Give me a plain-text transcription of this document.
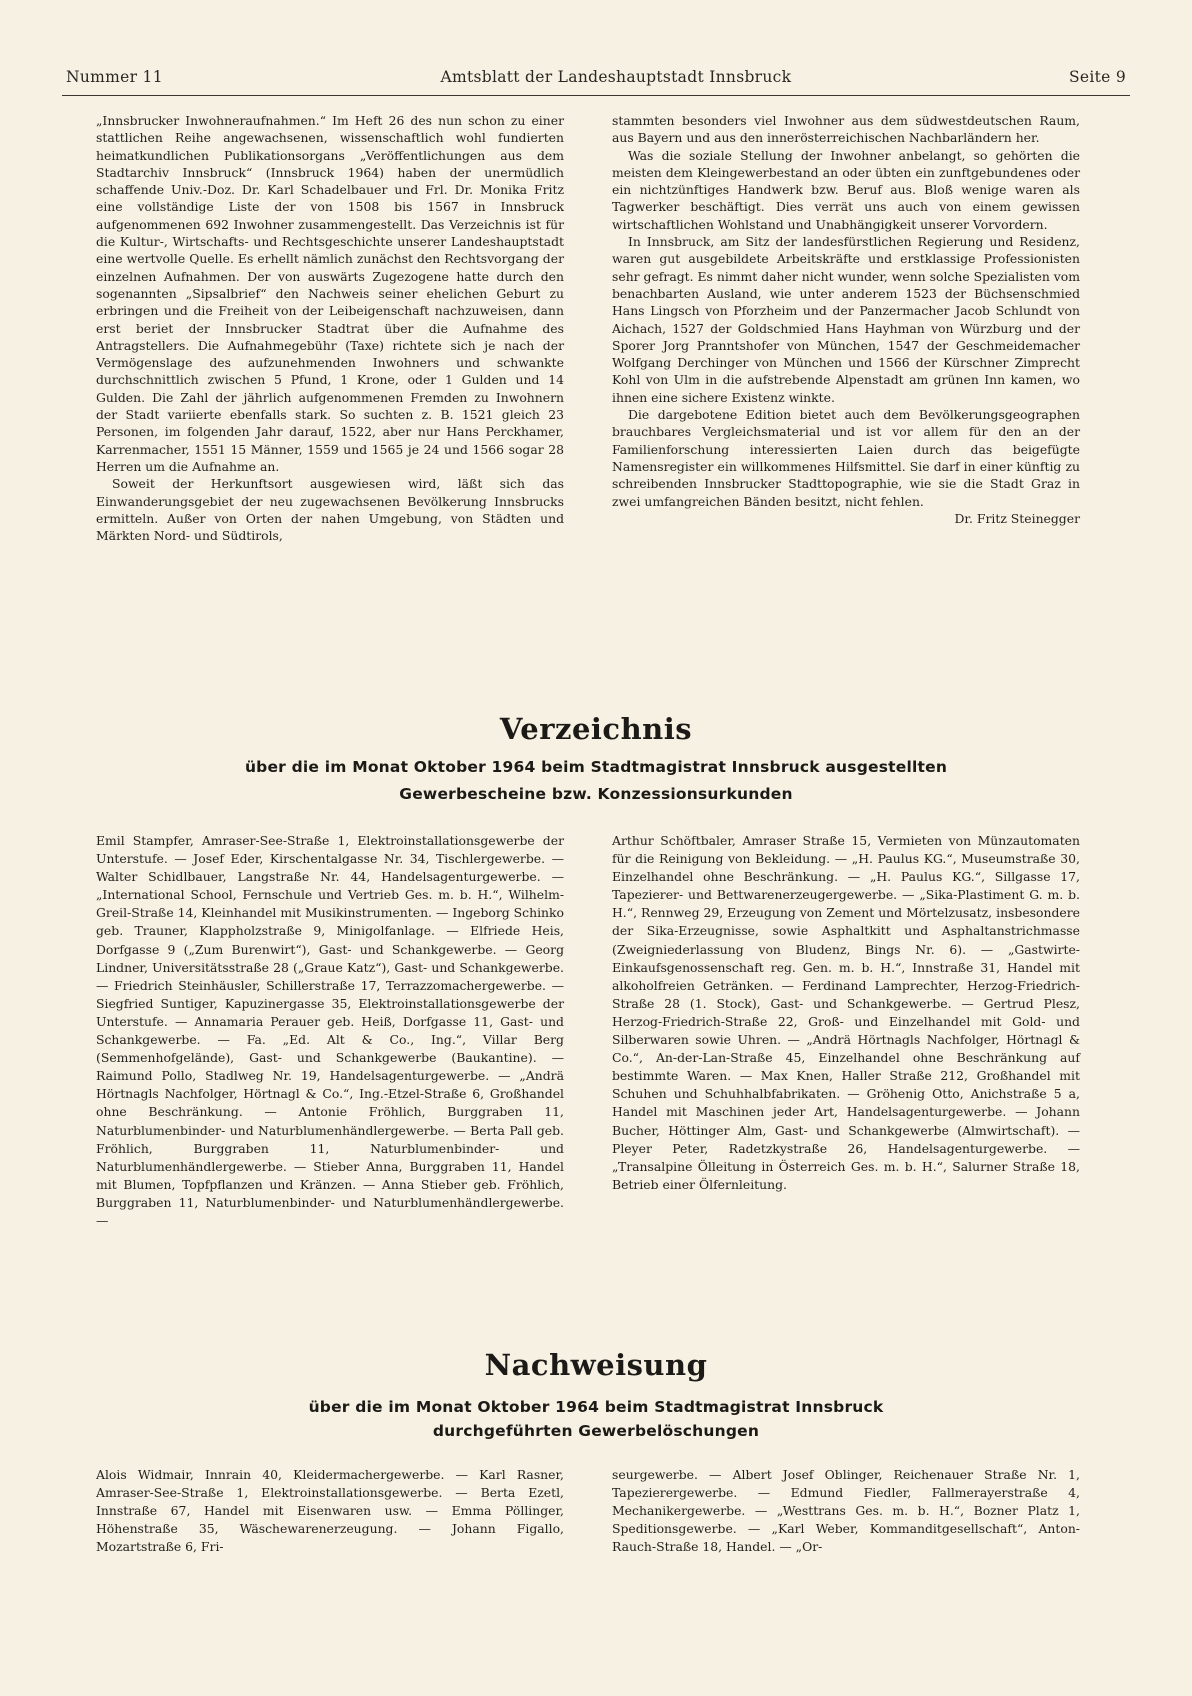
Nummer 11	Amtsblatt der Landeshauptstadt Innsbruck	Seite 9

„Innsbrucker Inwohneraufnahmen.“ Im Heft 26 des nun schon zu einer stattlichen Reihe angewachsenen, wissenschaftlich wohl fundierten heimatkundlichen Publikationsorgans „Veröffentlichungen aus dem Stadtarchiv Innsbruck“ (Innsbruck 1964) haben der unermüdlich schaffende Univ.-Doz. Dr. Karl Schadelbauer und Frl. Dr. Monika Fritz eine vollständige Liste der von 1508 bis 1567 in Innsbruck aufgenommenen 692 Inwohner zusammengestellt. Das Verzeichnis ist für die Kultur-, Wirtschafts- und Rechtsgeschichte unserer Landeshauptstadt eine wertvolle Quelle. Es erhellt nämlich zunächst den Rechtsvorgang der einzelnen Aufnahmen. Der von auswärts Zugezogene hatte durch den sogenannten „Sipsalbrief“ den Nachweis seiner ehelichen Geburt zu erbringen und die Freiheit von der Leibeigenschaft nachzuweisen, dann erst beriet der Innsbrucker Stadtrat über die Aufnahme des Antragstellers. Die Aufnahmegebühr (Taxe) richtete sich je nach der Vermögenslage des aufzunehmenden Inwohners und schwankte durchschnittlich zwischen 5 Pfund, 1 Krone, oder 1 Gulden und 14 Gulden. Die Zahl der jährlich aufgenommenen Fremden zu Inwohnern der Stadt variierte ebenfalls stark. So suchten z. B. 1521 gleich 23 Personen, im folgenden Jahr darauf, 1522, aber nur Hans Perckhamer, Karrenmacher, 1551 15 Männer, 1559 und 1565 je 24 und 1566 sogar 28 Herren um die Aufnahme an.

Soweit der Herkunftsort ausgewiesen wird, läßt sich das Einwanderungsgebiet der neu zugewachsenen Bevölkerung Innsbrucks ermitteln. Außer von Orten der nahen Umgebung, von Städten und Märkten Nord- und Südtirols,

stammten besonders viel Inwohner aus dem südwestdeutschen Raum, aus Bayern und aus den innerösterreichischen Nachbarländern her.

Was die soziale Stellung der Inwohner anbelangt, so gehörten die meisten dem Kleingewerbestand an oder übten ein zunftgebundenes oder ein nichtzünftiges Handwerk bzw. Beruf aus. Bloß wenige waren als Tagwerker beschäftigt. Dies verrät uns auch von einem gewissen wirtschaftlichen Wohlstand und Unabhängigkeit unserer Vorvordern.

In Innsbruck, am Sitz der landesfürstlichen Regierung und Residenz, waren gut ausgebildete Arbeitskräfte und erstklassige Professionisten sehr gefragt. Es nimmt daher nicht wunder, wenn solche Spezialisten vom benachbarten Ausland, wie unter anderem 1523 der Büchsenschmied Hans Lingsch von Pforzheim und der Panzermacher Jacob Schlundt von Aichach, 1527 der Goldschmied Hans Hayhman von Würzburg und der Sporer Jorg Pranntshofer von München, 1547 der Geschmeidemacher Wolfgang Derchinger von München und 1566 der Kürschner Zimprecht Kohl von Ulm in die aufstrebende Alpenstadt am grünen Inn kamen, wo ihnen eine sichere Existenz winkte.

Die dargebotene Edition bietet auch dem Bevölkerungsgeographen brauchbares Vergleichsmaterial und ist vor allem für den an der Familienforschung interessierten Laien durch das beigefügte Namensregister ein willkommenes Hilfsmittel. Sie darf in einer künftig zu schreibenden Innsbrucker Stadttopographie, wie sie die Stadt Graz in zwei umfangreichen Bänden besitzt, nicht fehlen.

Dr. Fritz Steinegger

Verzeichnis
über die im Monat Oktober 1964 beim Stadtmagistrat Innsbruck ausgestellten
Gewerbescheine bzw. Konzessionsurkunden

Emil Stampfer, Amraser-See-Straße 1, Elektroinstallationsgewerbe der Unterstufe. — Josef Eder, Kirschentalgasse Nr. 34, Tischlergewerbe. — Walter Schidlbauer, Langstraße Nr. 44, Handelsagenturgewerbe. — „International School, Fernschule und Vertrieb Ges. m. b. H.“, Wilhelm-Greil-Straße 14, Kleinhandel mit Musikinstrumenten. — Ingeborg Schinko geb. Trauner, Klappholzstraße 9, Minigolfanlage. — Elfriede Heis, Dorfgasse 9 („Zum Burenwirt“), Gast- und Schankgewerbe. — Georg Lindner, Universitätsstraße 28 („Graue Katz“), Gast- und Schankgewerbe. — Friedrich Steinhäusler, Schillerstraße 17, Terrazzomachergewerbe. — Siegfried Suntiger, Kapuzinergasse 35, Elektroinstallationsgewerbe der Unterstufe. — Annamaria Perauer geb. Heiß, Dorfgasse 11, Gast- und Schankgewerbe. — Fa. „Ed. Alt & Co., Ing.“, Villar Berg (Semmenhofgelände), Gast- und Schankgewerbe (Baukantine). — Raimund Pollo, Stadlweg Nr. 19, Handelsagenturgewerbe. — „Andrä Hörtnagls Nachfolger, Hörtnagl & Co.“, Ing.-Etzel-Straße 6, Großhandel ohne Beschränkung. — Antonie Fröhlich, Burggraben 11, Naturblumenbinder- und Naturblumenhändlergewerbe. — Berta Pall geb. Fröhlich, Burggraben 11, Naturblumenbinder- und Naturblumenhändlergewerbe. — Stieber Anna, Burggraben 11, Handel mit Blumen, Topfpflanzen und Kränzen. — Anna Stieber geb. Fröhlich, Burggraben 11, Naturblumenbinder- und Naturblumenhändlergewerbe. —

Arthur Schöftbaler, Amraser Straße 15, Vermieten von Münzautomaten für die Reinigung von Bekleidung. — „H. Paulus KG.“, Museumstraße 30, Einzelhandel ohne Beschränkung. — „H. Paulus KG.“, Sillgasse 17, Tapezierer- und Bettwarenerzeugergewerbe. — „Sika-Plastiment G. m. b. H.“, Rennweg 29, Erzeugung von Zement und Mörtelzusatz, insbesondere der Sika-Erzeugnisse, sowie Asphaltkitt und Asphaltanstrichmasse (Zweigniederlassung von Bludenz, Bings Nr. 6). — „Gastwirte-Einkaufsgenossenschaft reg. Gen. m. b. H.“, Innstraße 31, Handel mit alkoholfreien Getränken. — Ferdinand Lamprechter, Herzog-Friedrich-Straße 28 (1. Stock), Gast- und Schankgewerbe. — Gertrud Plesz, Herzog-Friedrich-Straße 22, Groß- und Einzelhandel mit Gold- und Silberwaren sowie Uhren. — „Andrä Hörtnagls Nachfolger, Hörtnagl & Co.“, An-der-Lan-Straße 45, Einzelhandel ohne Beschränkung auf bestimmte Waren. — Max Knen, Haller Straße 212, Großhandel mit Schuhen und Schuhhalbfabrikaten. — Gröhenig Otto, Anichstraße 5 a, Handel mit Maschinen jeder Art, Handelsagenturgewerbe. — Johann Bucher, Höttinger Alm, Gast- und Schankgewerbe (Almwirtschaft). — Pleyer Peter, Radetzkystraße 26, Handelsagenturgewerbe. — „Transalpine Ölleitung in Österreich Ges. m. b. H.“, Salurner Straße 18, Betrieb einer Ölfernleitung.

Nachweisung
über die im Monat Oktober 1964 beim Stadtmagistrat Innsbruck
durchgeführten Gewerbelöschungen

Alois Widmair, Innrain 40, Kleidermachergewerbe. — Karl Rasner, Amraser-See-Straße 1, Elektroinstallationsgewerbe. — Berta Ezetl, Innstraße 67, Handel mit Eisenwaren usw. — Emma Pöllinger, Höhenstraße 35, Wäschewarenerzeugung. — Johann Figallo, Mozartstraße 6, Fri-

seurgewerbe. — Albert Josef Oblinger, Reichenauer Straße Nr. 1, Tapezierergewerbe. — Edmund Fiedler, Fallmerayerstraße 4, Mechanikergewerbe. — „Westtrans Ges. m. b. H.“, Bozner Platz 1, Speditionsgewerbe. — „Karl Weber, Kommanditgesellschaft“, Anton-Rauch-Straße 18, Handel. — „Or-
